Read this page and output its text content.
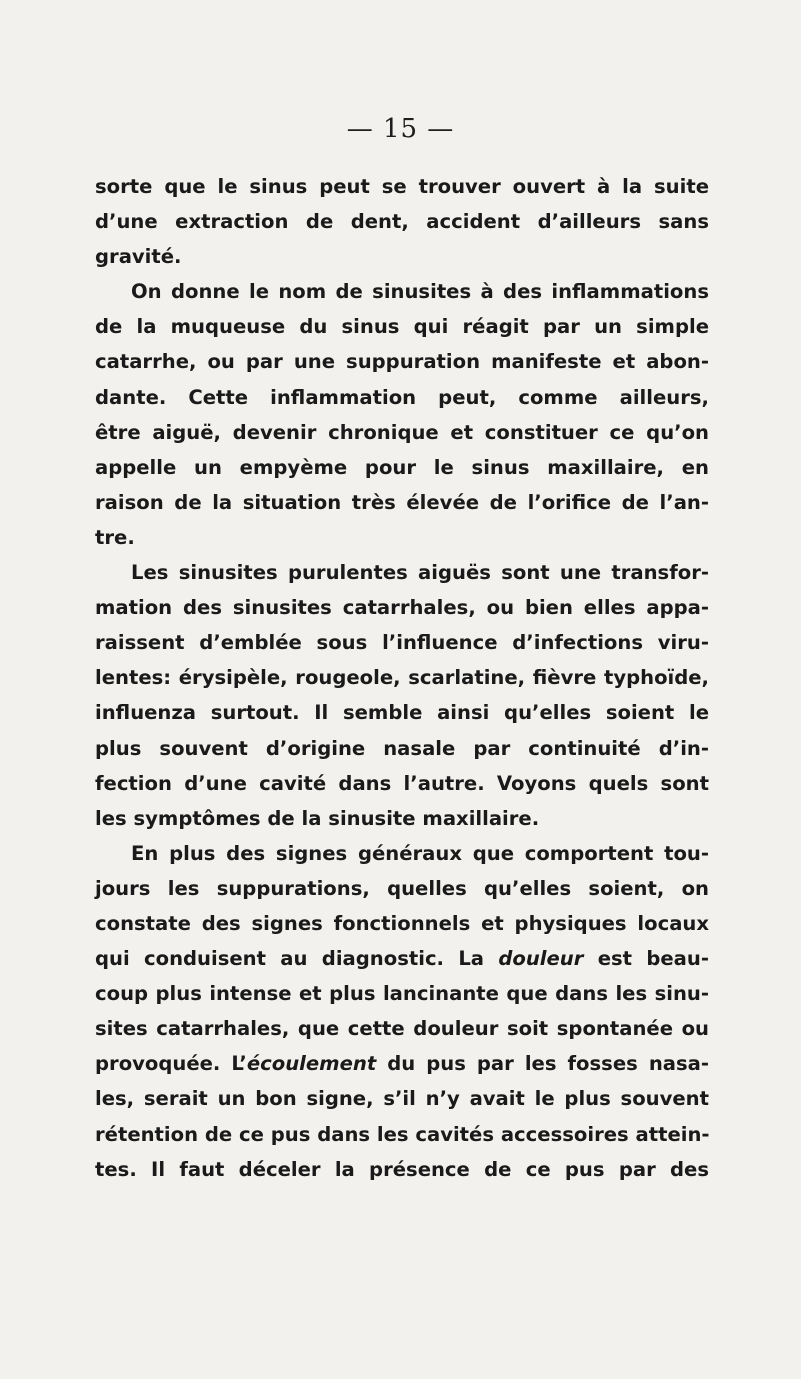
— 15 —
sorte que le sinus peut se trouver ouvert à la suite
d’une extraction de dent, accident d’ailleurs sans
gravité.
On donne le nom de sinusites à des inflammations
de la muqueuse du sinus qui réagit par un simple
catarrhe, ou par une suppuration manifeste et abon-
dante. Cette inflammation peut, comme ailleurs,
être aiguë, devenir chronique et constituer ce qu’on
appelle un empyème pour le sinus maxillaire, en
raison de la situation très élevée de l’orifice de l’an-
tre.
Les sinusites purulentes aiguës sont une transfor-
mation des sinusites catarrhales, ou bien elles appa-
raissent d’emblée sous l’influence d’infections viru-
lentes: érysipèle, rougeole, scarlatine, fièvre typhoïde,
influenza surtout. Il semble ainsi qu’elles soient le
plus souvent d’origine nasale par continuité d’in-
fection d’une cavité dans l’autre. Voyons quels sont
les symptômes de la sinusite maxillaire.
En plus des signes généraux que comportent tou-
jours les suppurations, quelles qu’elles soient, on
constate des signes fonctionnels et physiques locaux
qui conduisent au diagnostic. La douleur est beau-
coup plus intense et plus lancinante que dans les sinu-
sites catarrhales, que cette douleur soit spontanée ou
provoquée. L’écoulement du pus par les fosses nasa-
les, serait un bon signe, s’il n’y avait le plus souvent
rétention de ce pus dans les cavités accessoires attein-
tes. Il faut déceler la présence de ce pus par des
